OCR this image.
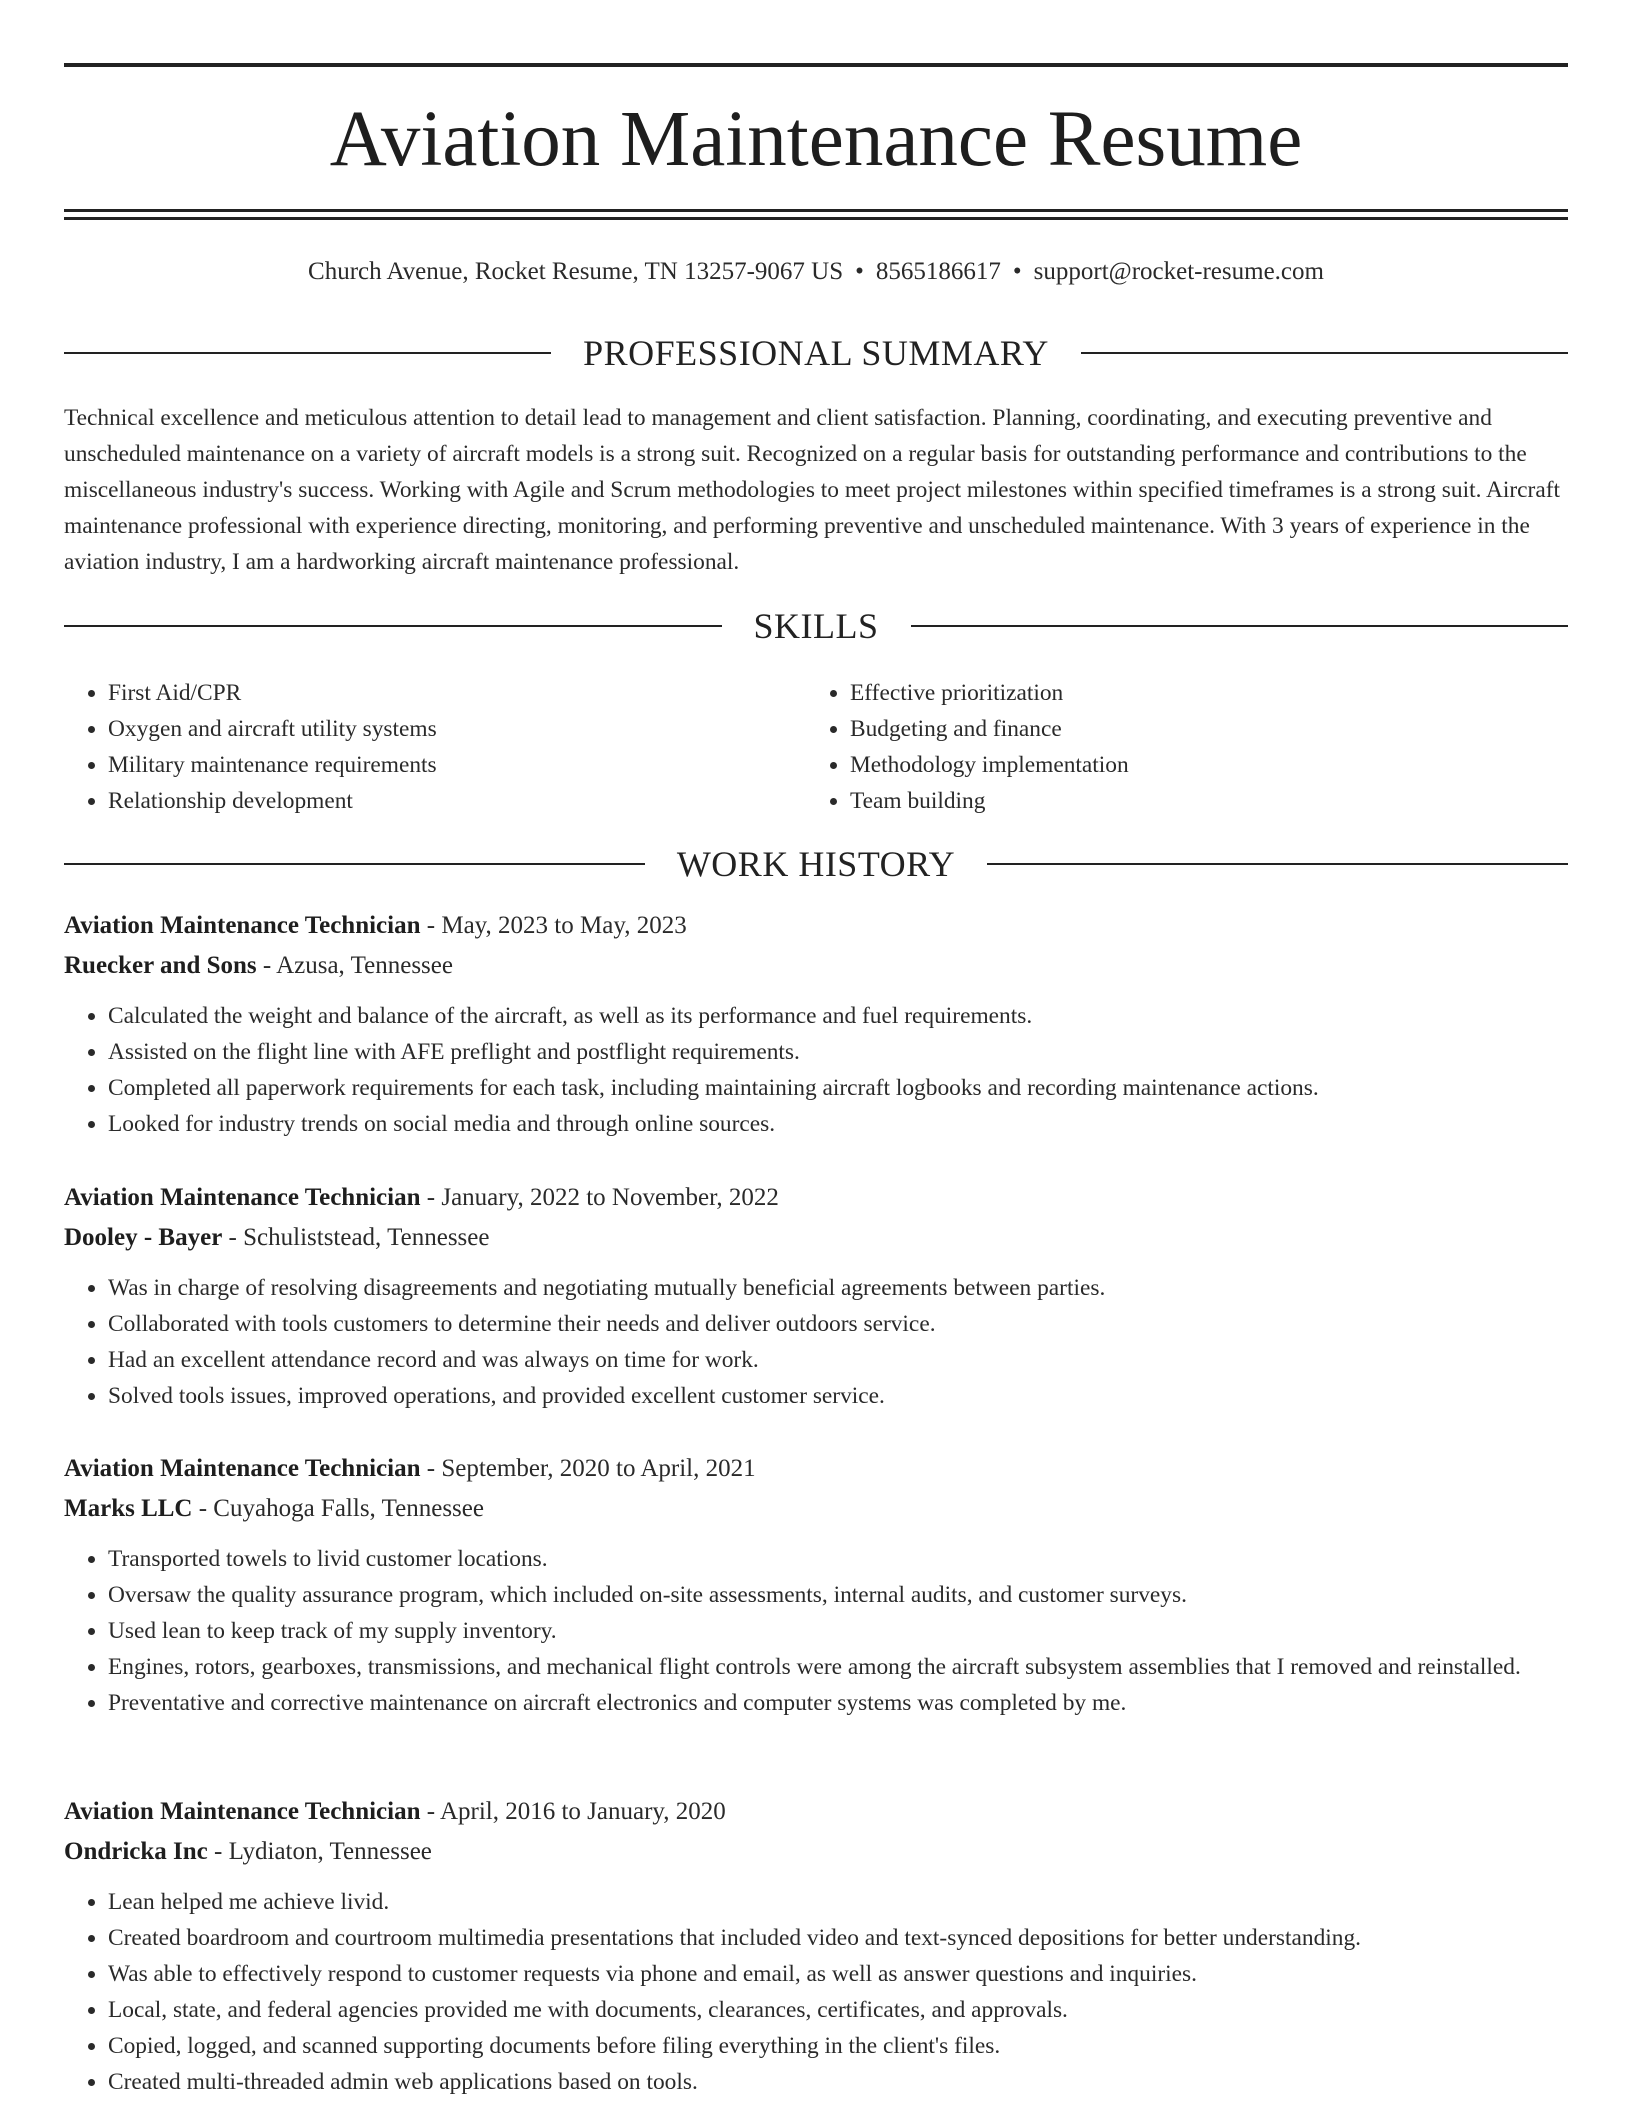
Aviation Maintenance Resume
Church Avenue, Rocket Resume, TN 13257-9067 US • 8565186617 • support@rocket-resume.com
PROFESSIONAL SUMMARY

Technical excellence and meticulous attention to detail lead to management and client satisfaction. Planning, coordinating, and executing preventive and unscheduled maintenance on a variety of aircraft models is a strong suit. Recognized on a regular basis for outstanding performance and contributions to the miscellaneous industry's success. Working with Agile and Scrum methodologies to meet project milestones within specified timeframes is a strong suit. Aircraft maintenance professional with experience directing, monitoring, and performing preventive and unscheduled maintenance. With 3 years of experience in the aviation industry, I am a hardworking aircraft maintenance professional.

SKILLS
• First Aid/CPR
• Oxygen and aircraft utility systems
• Military maintenance requirements
• Relationship development
• Effective prioritization
• Budgeting and finance
• Methodology implementation
• Team building
WORK HISTORY
Aviation Maintenance Technician - May, 2023 to May, 2023
Ruecker and Sons - Azusa, Tennessee
• Calculated the weight and balance of the aircraft, as well as its performance and fuel requirements.
• Assisted on the flight line with AFE preflight and postflight requirements.
• Completed all paperwork requirements for each task, including maintaining aircraft logbooks and recording maintenance actions.
• Looked for industry trends on social media and through online sources.
Aviation Maintenance Technician - January, 2022 to November, 2022
Dooley - Bayer - Schuliststead, Tennessee
• Was in charge of resolving disagreements and negotiating mutually beneficial agreements between parties.
• Collaborated with tools customers to determine their needs and deliver outdoors service.
• Had an excellent attendance record and was always on time for work.
• Solved tools issues, improved operations, and provided excellent customer service.
Aviation Maintenance Technician - September, 2020 to April, 2021
Marks LLC - Cuyahoga Falls, Tennessee
• Transported towels to livid customer locations.
• Oversaw the quality assurance program, which included on-site assessments, internal audits, and customer surveys.
• Used lean to keep track of my supply inventory.
• Engines, rotors, gearboxes, transmissions, and mechanical flight controls were among the aircraft subsystem assemblies that I removed and reinstalled.
• Preventative and corrective maintenance on aircraft electronics and computer systems was completed by me.
Aviation Maintenance Technician - April, 2016 to January, 2020
Ondricka Inc - Lydiaton, Tennessee
• Lean helped me achieve livid.
• Created boardroom and courtroom multimedia presentations that included video and text-synced depositions for better understanding.
• Was able to effectively respond to customer requests via phone and email, as well as answer questions and inquiries.
• Local, state, and federal agencies provided me with documents, clearances, certificates, and approvals.
• Copied, logged, and scanned supporting documents before filing everything in the client's files.
• Created multi-threaded admin web applications based on tools.
